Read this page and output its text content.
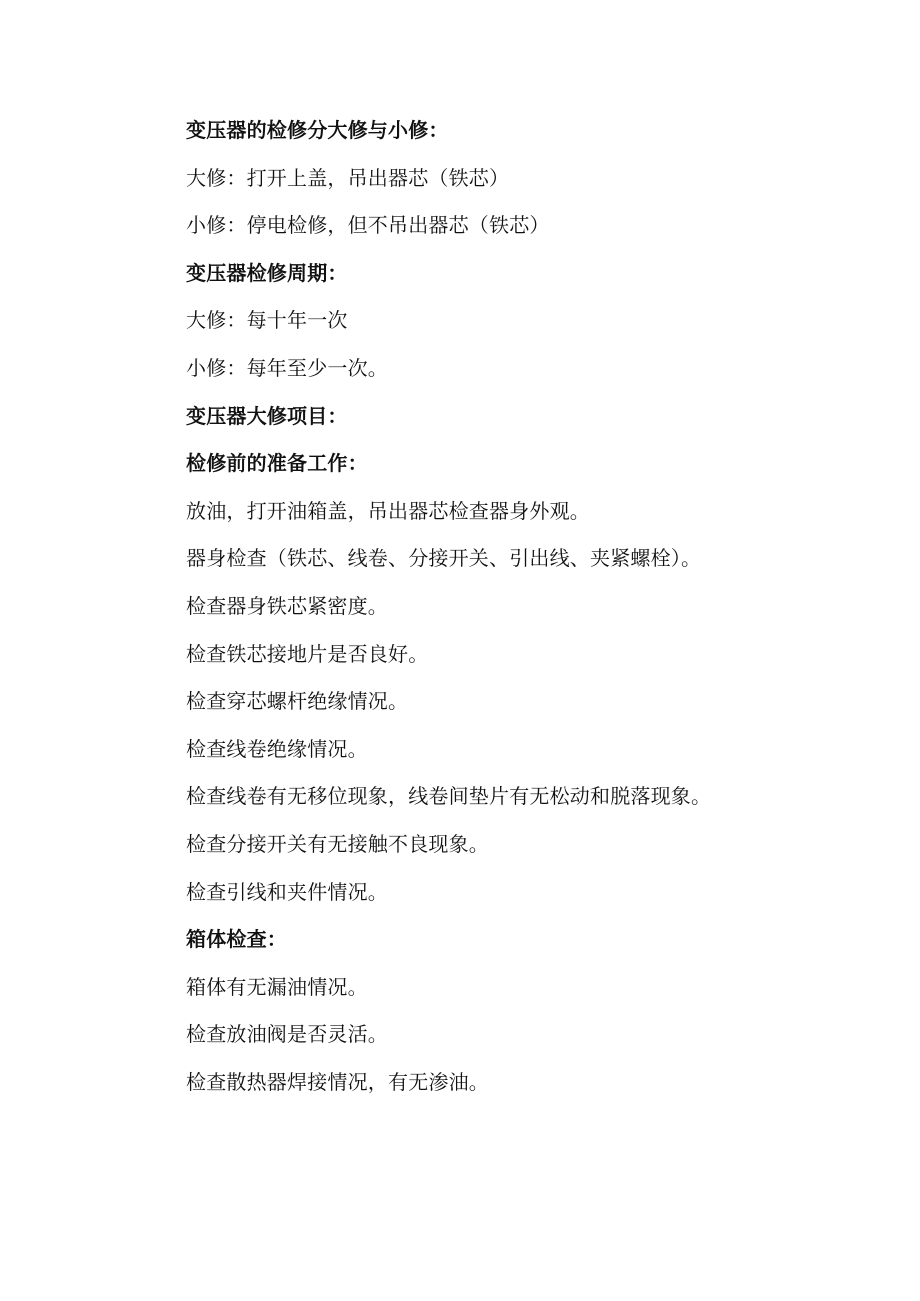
变压器的检修分大修与小修：
大修：打开上盖，吊出器芯（铁芯）
小修：停电检修，但不吊出器芯（铁芯）
变压器检修周期：
大修：每十年一次
小修：每年至少一次。
变压器大修项目：
检修前的准备工作：
放油，打开油箱盖，吊出器芯检查器身外观。
器身检查（铁芯、线卷、分接开关、引出线、夹紧螺栓）。
检查器身铁芯紧密度。
检查铁芯接地片是否良好。
检查穿芯螺杆绝缘情况。
检查线卷绝缘情况。
检查线卷有无移位现象，线卷间垫片有无松动和脱落现象。
检查分接开关有无接触不良现象。
检查引线和夹件情况。
箱体检查：
箱体有无漏油情况。
检查放油阀是否灵活。
检查散热器焊接情况，有无渗油。
